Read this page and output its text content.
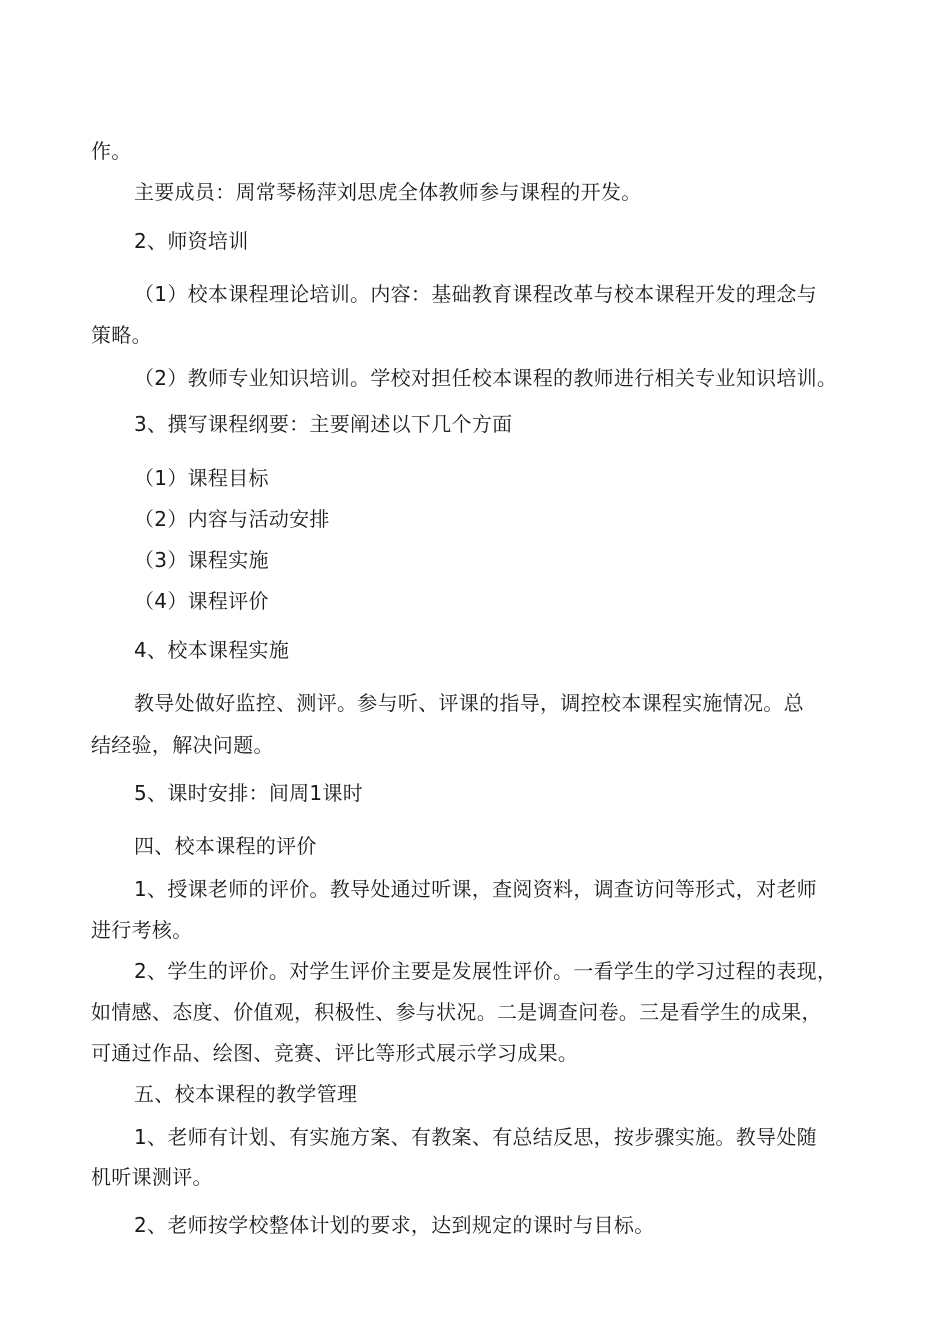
作。
主要成员：周常琴杨萍刘思虎全体教师参与课程的开发。
2、师资培训
（1）校本课程理论培训。内容：基础教育课程改革与校本课程开发的理念与
策略。
（2）教师专业知识培训。学校对担任校本课程的教师进行相关专业知识培训。
3、撰写课程纲要：主要阐述以下几个方面
（1）课程目标
（2）内容与活动安排
（3）课程实施
（4）课程评价
4、校本课程实施
教导处做好监控、测评。参与听、评课的指导，调控校本课程实施情况。总
结经验，解决问题。
5、课时安排：间周1课时
四、校本课程的评价
1、授课老师的评价。教导处通过听课，查阅资料，调查访问等形式，对老师
进行考核。
2、学生的评价。对学生评价主要是发展性评价。一看学生的学习过程的表现，
如情感、态度、价值观，积极性、参与状况。二是调查问卷。三是看学生的成果，
可通过作品、绘图、竞赛、评比等形式展示学习成果。
五、校本课程的教学管理
1、老师有计划、有实施方案、有教案、有总结反思，按步骤实施。教导处随
机听课测评。
2、老师按学校整体计划的要求，达到规定的课时与目标。
